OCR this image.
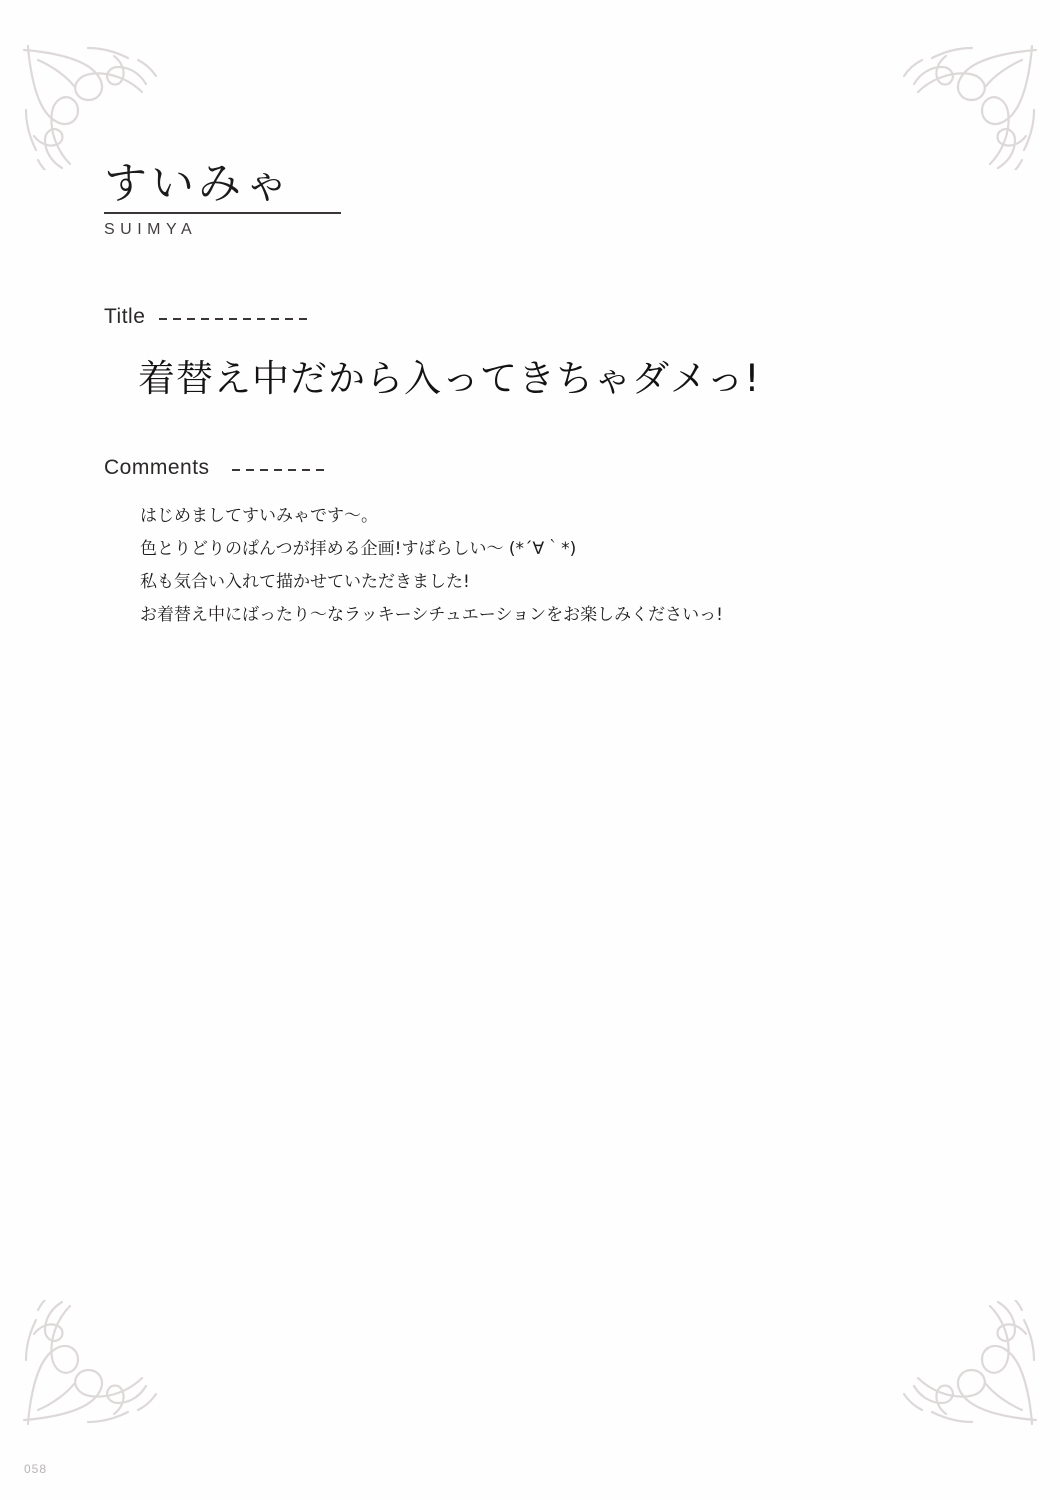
すいみゃ
SUIMYA
Title
着替え中だから入ってきちゃダメっ!
Comments
はじめましてすいみゃです〜。
色とりどりのぱんつが拝める企画!すばらしい〜 (*´∀｀*)
私も気合い入れて描かせていただきました!
お着替え中にばったり〜なラッキーシチュエーションをお楽しみくださいっ!
058
